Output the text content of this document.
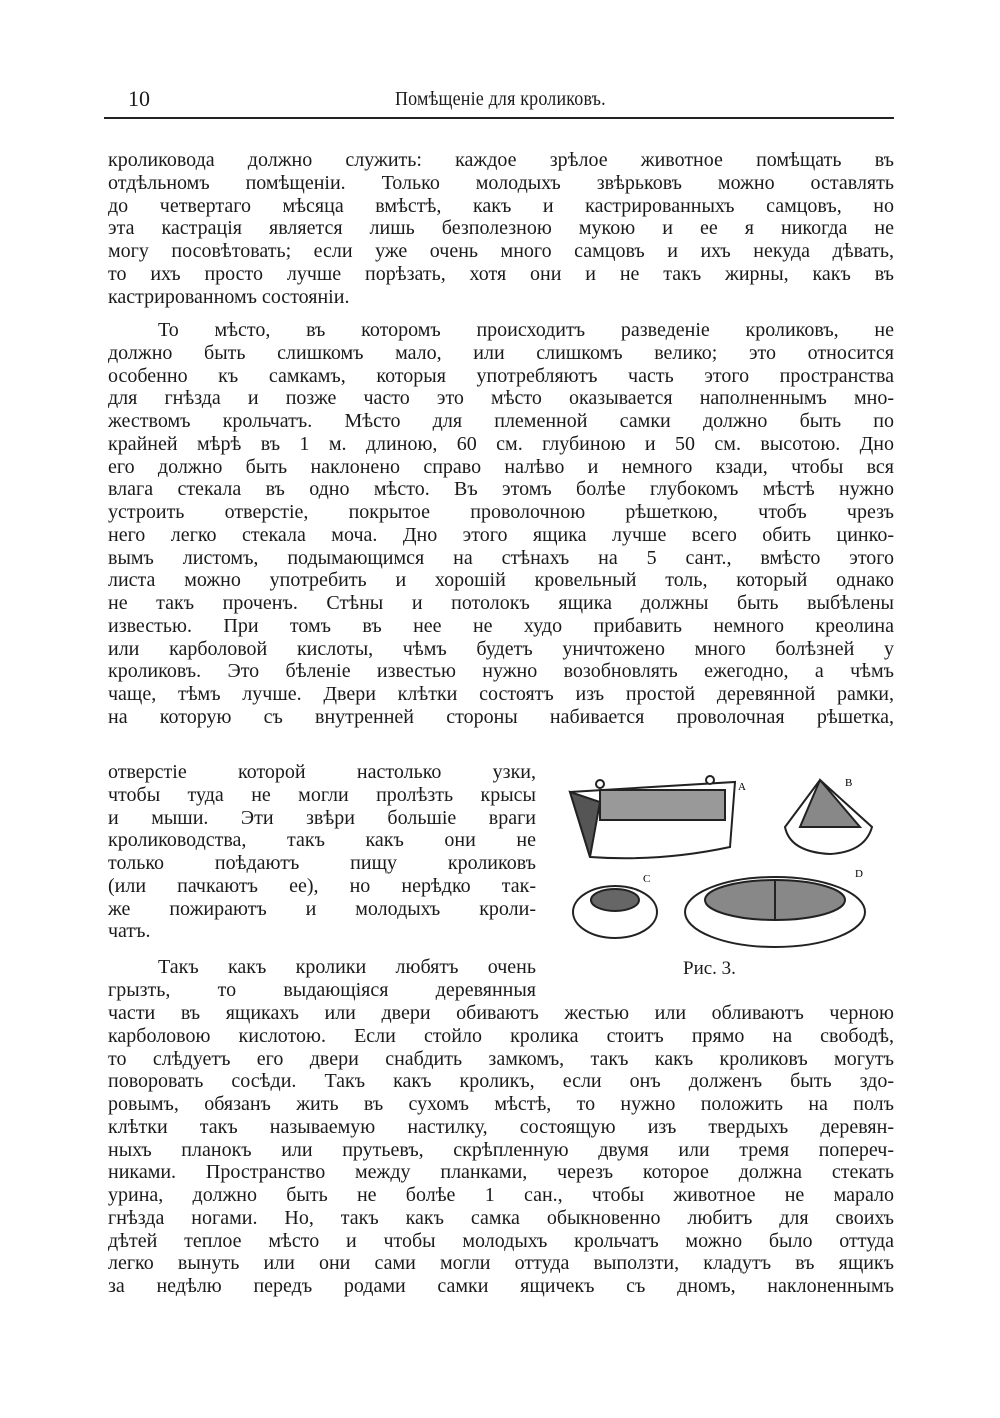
10	Помѣщеніе для кроликовъ.
кроликовода должно служить: каждое зрѣлое животное помѣщать въ
отдѣльномъ помѣщеніи. Только молодыхъ звѣрьковъ можно оставлять
до четвертаго мѣсяца вмѣстѣ, какъ и кастрированныхъ самцовъ, но
эта кастрація является лишь безполезною мукою и ее я никогда не
могу посовѣтовать; если уже очень много самцовъ и ихъ некуда дѣвать,
то ихъ просто лучше порѣзать, хотя они и не такъ жирны, какъ въ
кастрированномъ состояніи.
То мѣсто, въ которомъ происходитъ разведеніе кроликовъ, не
должно быть слишкомъ мало, или слишкомъ велико; это относится
особенно къ самкамъ, которыя употребляютъ часть этого пространства
для гнѣзда и позже часто это мѣсто оказывается наполненнымъ мно-
жествомъ крольчатъ. Мѣсто для племенной самки должно быть по
крайней мѣрѣ въ 1 м. длиною, 60 см. глубиною и 50 см. высотою. Дно
его должно быть наклонено справо налѣво и немного кзади, чтобы вся
влага стекала въ одно мѣсто. Въ этомъ болѣе глубокомъ мѣстѣ нужно
устроить отверстіе, покрытое проволочною рѣшеткою, чтобъ чрезъ
него легко стекала моча. Дно этого ящика лучше всего обить цинко-
вымъ листомъ, подымающимся на стѣнахъ на 5 сант., вмѣсто этого
листа можно употребить и хорошій кровельный толь, который однако
не такъ проченъ. Стѣны и потолокъ ящика должны быть выбѣлены
известью. При томъ въ нее не худо прибавить немного креолина
или карболовой кислоты, чѣмъ будетъ уничтожено много болѣзней у
кроликовъ. Это бѣленіе известью нужно возобновлять ежегодно, а чѣмъ
чаще, тѣмъ лучше. Двери клѣтки состоятъ изъ простой деревянной рамки,
на которую съ внутренней стороны набивается проволочная рѣшетка,
отверстіе которой настолько узки,
чтобы туда не могли пролѣзть крысы
и мыши. Эти звѣри большіе враги
кролиководства, такъ какъ они не
только поѣдаютъ пищу кроликовъ
(или пачкаютъ ее), но нерѣдко так-
же пожираютъ и молодыхъ кроли-
чатъ.
Такъ какъ кролики любятъ очень
грызть, то выдающіяся деревянныя
части въ ящикахъ или двери обиваютъ жестью или обливаютъ черною
карболовою кислотою. Если стойло кролика стоитъ прямо на свободѣ,
то слѣдуетъ его двери снабдить замкомъ, такъ какъ кроликовъ могутъ
поворовать сосѣди. Такъ какъ кроликъ, если онъ долженъ быть здо-
ровымъ, обязанъ жить въ сухомъ мѣстѣ, то нужно положить на полъ
клѣтки такъ называемую настилку, состоящую изъ твердыхъ деревян-
ныхъ планокъ или прутьевъ, скрѣпленную двумя или тремя попереч-
никами. Пространство между планками, черезъ которое должна стекать
урина, должно быть не болѣе 1 сан., чтобы животное не марало
гнѣзда ногами. Но, такъ какъ самка обыкновенно любитъ для своихъ
дѣтей теплое мѣсто и чтобы молодыхъ крольчатъ можно было оттуда
легко вынуть или они сами могли оттуда выползти, кладутъ въ ящикъ
за недѣлю передъ родами самки ящичекъ съ дномъ, наклоненнымъ
A	B
C	D
Рис. 3.
